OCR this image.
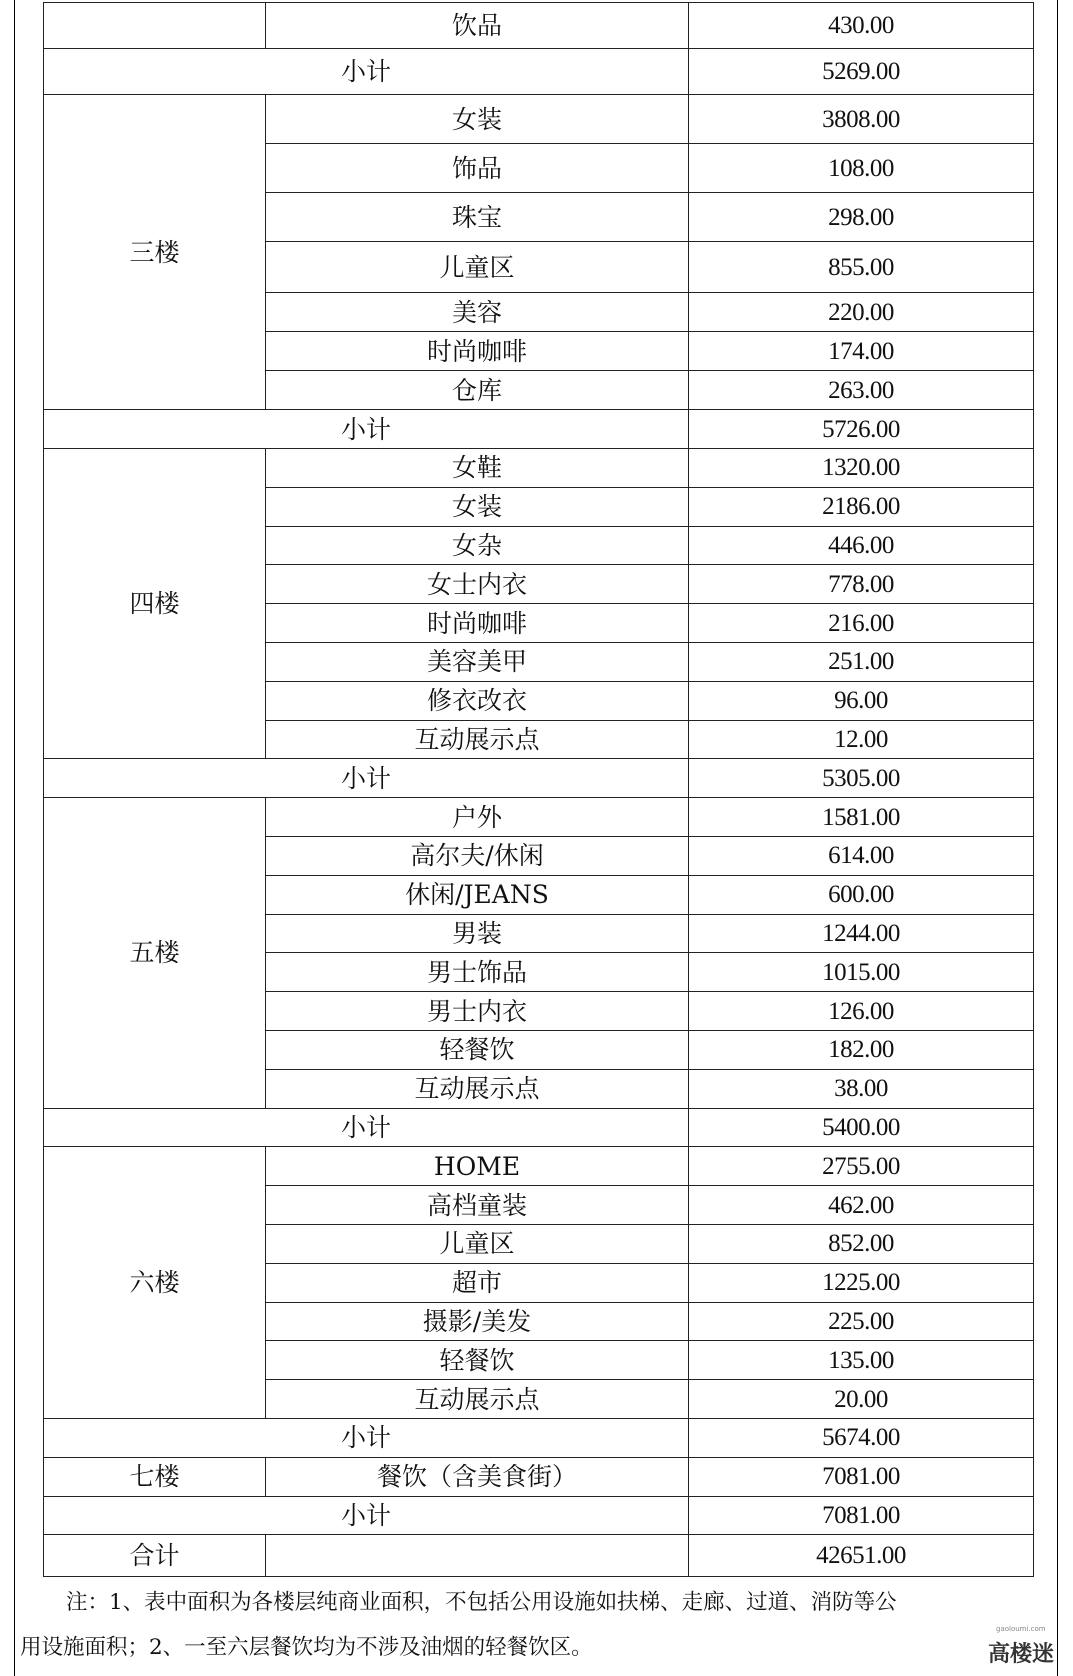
	饮品	430.00
小计		5269.00
三楼	女装	3808.00
	饰品	108.00
	珠宝	298.00
	儿童区	855.00
	美容	220.00
	时尚咖啡	174.00
	仓库	263.00
小计		5726.00
四楼	女鞋	1320.00
	女装	2186.00
	女杂	446.00
	女士内衣	778.00
	时尚咖啡	216.00
	美容美甲	251.00
	修衣改衣	96.00
	互动展示点	12.00
小计		5305.00
五楼	户外	1581.00
	高尔夫/休闲	614.00
	休闲/JEANS	600.00
	男装	1244.00
	男士饰品	1015.00
	男士内衣	126.00
	轻餐饮	182.00
	互动展示点	38.00
小计		5400.00
六楼	HOME	2755.00
	高档童装	462.00
	儿童区	852.00
	超市	1225.00
	摄影/美发	225.00
	轻餐饮	135.00
	互动展示点	20.00
小计		5674.00
七楼	餐饮（含美食街）	7081.00
小计		7081.00
合计		42651.00
注：1、表中面积为各楼层纯商业面积，不包括公用设施如扶梯、走廊、过道、消防等公
用设施面积；2、一至六层餐饮均为不涉及油烟的轻餐饮区。
gaoloumi.com
高楼迷
